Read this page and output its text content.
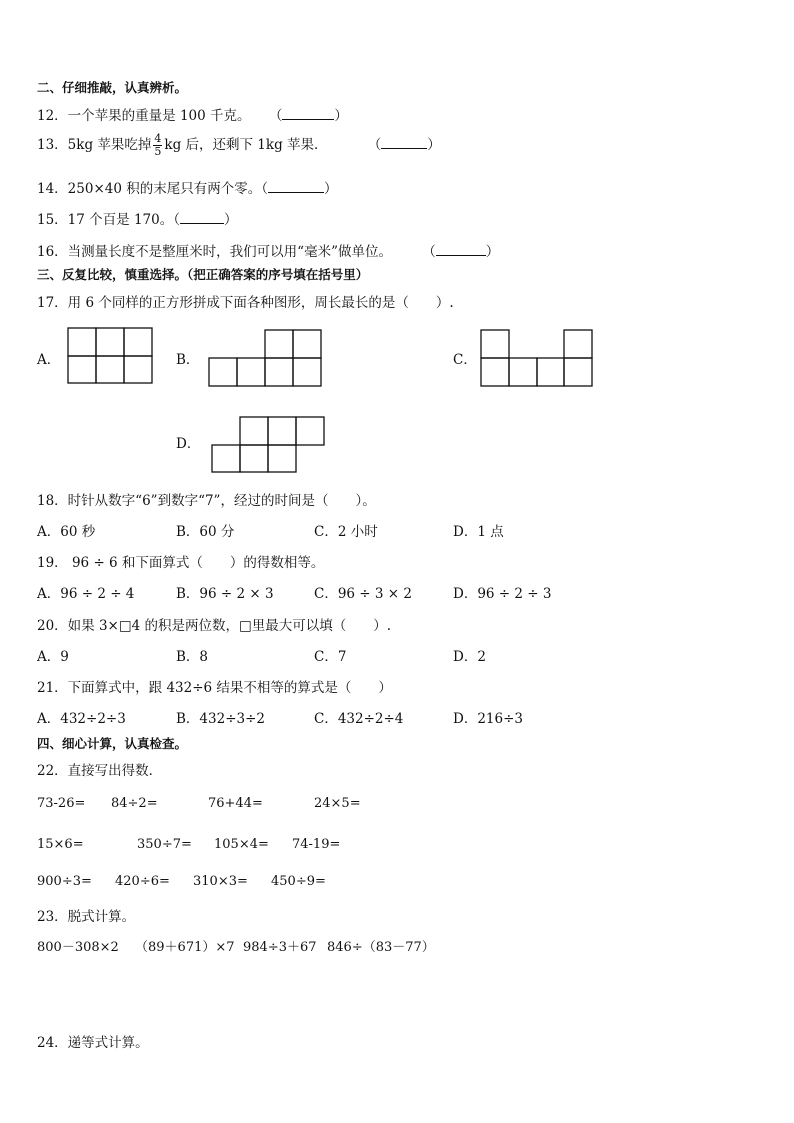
二、仔细推敲，认真辨析。
12．一个苹果的重量是 100 千克。 （	）
13．5kg 苹果吃掉 $\frac{4}{5}$ kg 后，还剩下 1kg 苹果．	（	）
14．250×40 积的末尾只有两个零。（	）
15．17 个百是 170。（	）
16．当测量长度不是整厘米时，我们可以用“毫米”做单位。 （	）
三、反复比较，慎重选择。（把正确答案的序号填在括号里）
17．用 6 个同样的正方形拼成下面各种图形，周长最长的是（　　）.
A．	B．	C．
D．
18．时针从数字“6”到数字“7”，经过的时间是（　　）。
A．60 秒	B．60 分	C．2 小时	D．1 点
19． 96 ÷ 6 和下面算式（　　）的得数相等。
A．96 ÷ 2 ÷ 4	B．96 ÷ 2 × 3	C．96 ÷ 3 × 2	D．96 ÷ 2 ÷ 3
20．如果 3×□4 的积是两位数，□里最大可以填（　　）.
A．9	B．8	C．7	D．2
21．下面算式中，跟 432÷6 结果不相等的算式是（　　）
A．432÷2÷3	B．432÷3÷2	C．432÷2÷4	D．216÷3
四、细心计算，认真检查。
22．直接写出得数．
73-26= 84÷2=	76+44=	24×5=
15×6=	350÷7= 105×4= 74-19=
900÷3= 420÷6= 310×3= 450÷9=
23．脱式计算。
800－308×2 （89＋671）×7 984÷3＋67 846÷（83－77）
24．递等式计算。
